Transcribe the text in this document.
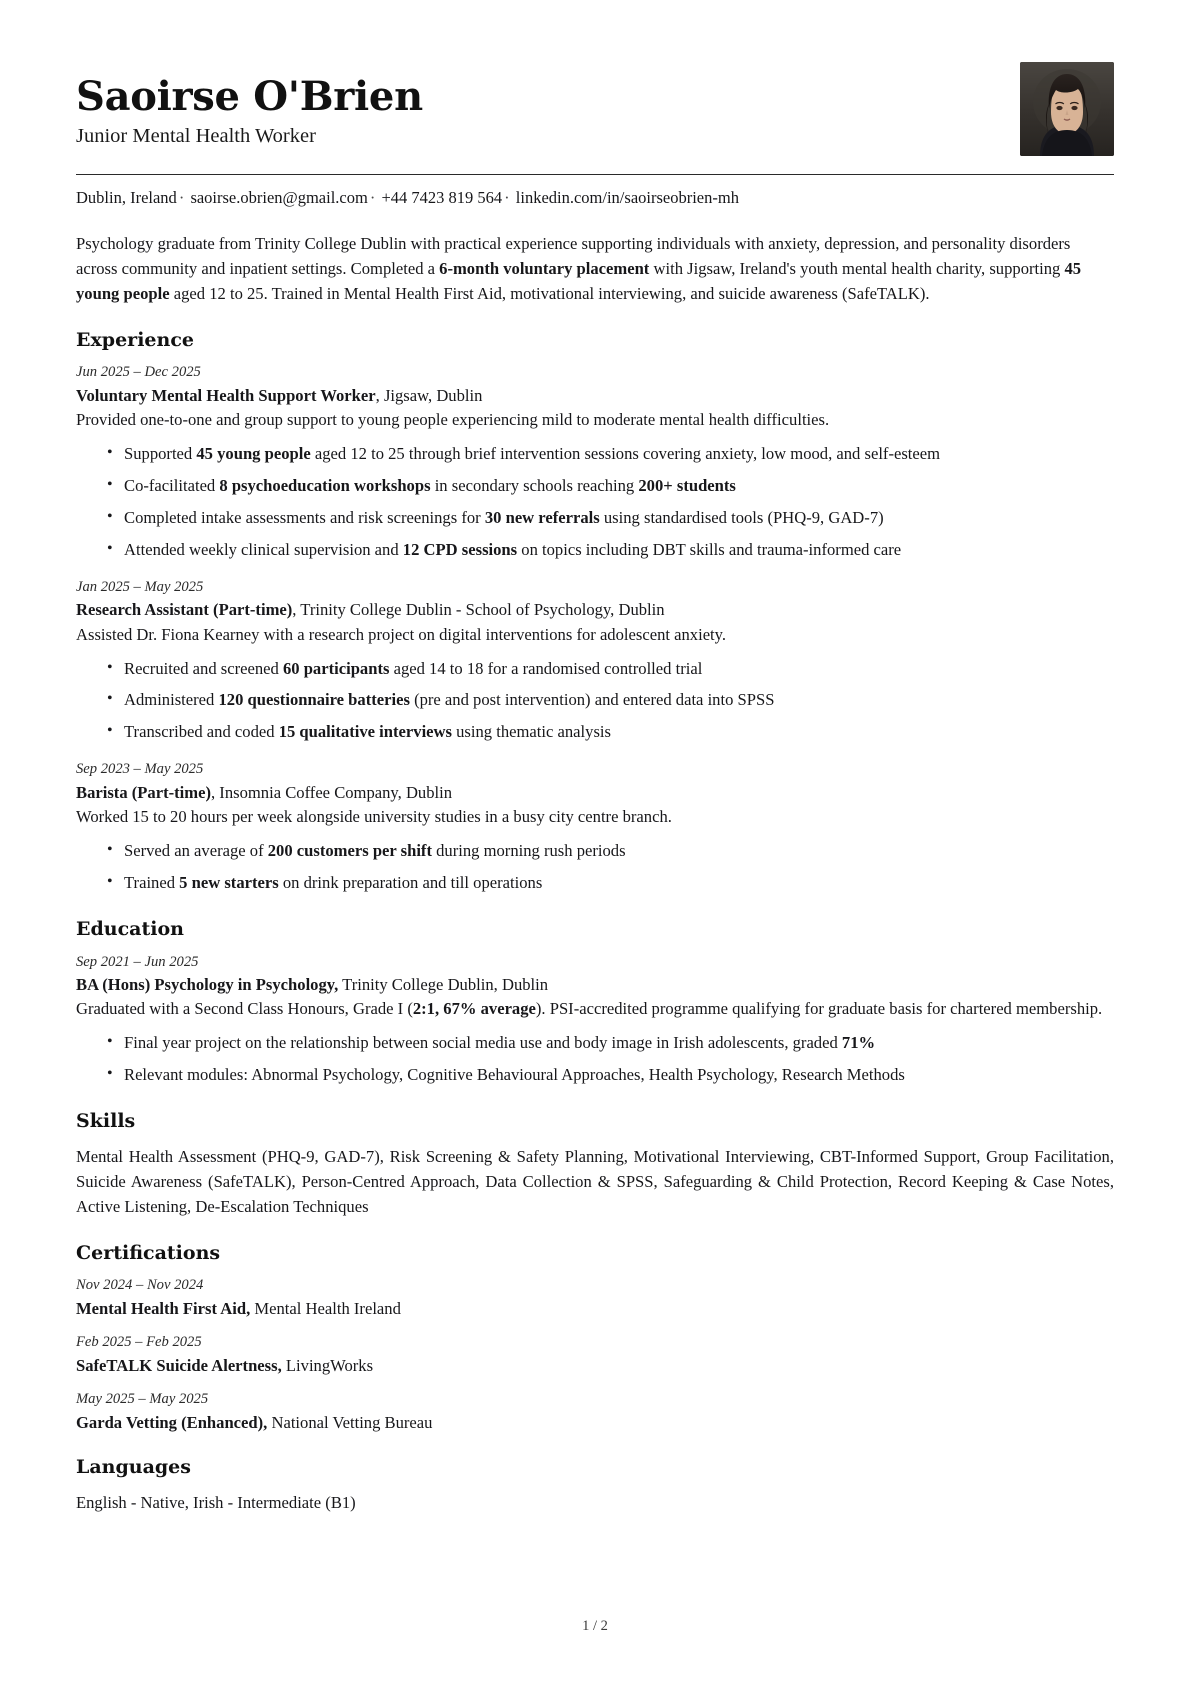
Saoirse O'Brien

Junior Mental Health Worker

Dublin, Ireland · saoirse.obrien@gmail.com · +44 7423 819 564 · linkedin.com/in/saoirseobrien-mh

Psychology graduate from Trinity College Dublin with practical experience supporting individuals with anxiety, depression, and personality disorders across community and inpatient settings. Completed a 6-month voluntary placement with Jigsaw, Ireland's youth mental health charity, supporting 45 young people aged 12 to 25. Trained in Mental Health First Aid, motivational interviewing, and suicide awareness (SafeTALK).

Experience

Jun 2025 – Dec 2025

Voluntary Mental Health Support Worker, Jigsaw, Dublin

Provided one-to-one and group support to young people experiencing mild to moderate mental health difficulties.

• Supported 45 young people aged 12 to 25 through brief intervention sessions covering anxiety, low mood, and self-esteem
• Co-facilitated 8 psychoeducation workshops in secondary schools reaching 200+ students
• Completed intake assessments and risk screenings for 30 new referrals using standardised tools (PHQ-9, GAD-7)
• Attended weekly clinical supervision and 12 CPD sessions on topics including DBT skills and trauma-informed care

Jan 2025 – May 2025

Research Assistant (Part-time), Trinity College Dublin - School of Psychology, Dublin

Assisted Dr. Fiona Kearney with a research project on digital interventions for adolescent anxiety.

• Recruited and screened 60 participants aged 14 to 18 for a randomised controlled trial
• Administered 120 questionnaire batteries (pre and post intervention) and entered data into SPSS
• Transcribed and coded 15 qualitative interviews using thematic analysis

Sep 2023 – May 2025

Barista (Part-time), Insomnia Coffee Company, Dublin

Worked 15 to 20 hours per week alongside university studies in a busy city centre branch.

• Served an average of 200 customers per shift during morning rush periods
• Trained 5 new starters on drink preparation and till operations
Education

Sep 2021 – Jun 2025

BA (Hons) Psychology in Psychology, Trinity College Dublin, Dublin

Graduated with a Second Class Honours, Grade I (2:1, 67% average). PSI-accredited programme qualifying for graduate basis for chartered membership.

• Final year project on the relationship between social media use and body image in Irish adolescents, graded 71%
• Relevant modules: Abnormal Psychology, Cognitive Behavioural Approaches, Health Psychology, Research Methods
Skills

Mental Health Assessment (PHQ-9, GAD-7), Risk Screening & Safety Planning, Motivational Interviewing, CBT-Informed Support, Group Facilitation, Suicide Awareness (SafeTALK), Person-Centred Approach, Data Collection & SPSS, Safeguarding & Child Protection, Record Keeping & Case Notes, Active Listening, De-Escalation Techniques

Certifications

Nov 2024 – Nov 2024

Mental Health First Aid, Mental Health Ireland

Feb 2025 – Feb 2025

SafeTALK Suicide Alertness, LivingWorks

May 2025 – May 2025

Garda Vetting (Enhanced), National Vetting Bureau

Languages

English - Native, Irish - Intermediate (B1)

1 / 2
